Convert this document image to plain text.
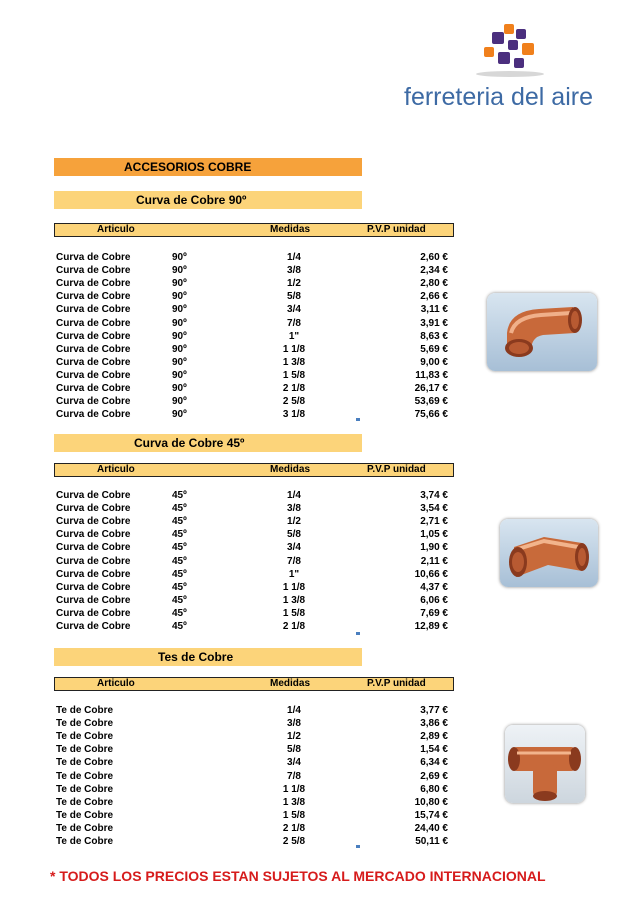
ferreteria del aire
ACCESORIOS COBRE
Curva de Cobre 90º
Articulo	Medidas	P.V.P unidad
Curva de Cobre	90º	1/4	2,60 €
Curva de Cobre	90º	3/8	2,34 €
Curva de Cobre	90º	1/2	2,80 €
Curva de Cobre	90º	5/8	2,66 €
Curva de Cobre	90º	3/4	3,11 €
Curva de Cobre	90º	7/8	3,91 €
Curva de Cobre	90º	1"	8,63 €
Curva de Cobre	90º	1 1/8	5,69 €
Curva de Cobre	90º	1 3/8	9,00 €
Curva de Cobre	90º	1 5/8	11,83 €
Curva de Cobre	90º	2 1/8	26,17 €
Curva de Cobre	90º	2 5/8	53,69 €
Curva de Cobre	90º	3 1/8	75,66 €
Curva de Cobre 45º
Articulo	Medidas	P.V.P unidad
Curva de Cobre	45º	1/4	3,74 €
Curva de Cobre	45º	3/8	3,54 €
Curva de Cobre	45º	1/2	2,71 €
Curva de Cobre	45º	5/8	1,05 €
Curva de Cobre	45º	3/4	1,90 €
Curva de Cobre	45º	7/8	2,11 €
Curva de Cobre	45º	1"	10,66 €
Curva de Cobre	45º	1 1/8	4,37 €
Curva de Cobre	45º	1 3/8	6,06 €
Curva de Cobre	45º	1 5/8	7,69 €
Curva de Cobre	45º	2 1/8	12,89 €
Tes de Cobre
Articulo	Medidas	P.V.P unidad
Te de Cobre	1/4	3,77 €
Te de Cobre	3/8	3,86 €
Te de Cobre	1/2	2,89 €
Te de Cobre	5/8	1,54 €
Te de Cobre	3/4	6,34 €
Te de Cobre	7/8	2,69 €
Te de Cobre	1 1/8	6,80 €
Te de Cobre	1 3/8	10,80 €
Te de Cobre	1 5/8	15,74 €
Te de Cobre	2 1/8	24,40 €
Te de Cobre	2 5/8	50,11 €
* TODOS LOS PRECIOS ESTAN SUJETOS AL MERCADO INTERNACIONAL
